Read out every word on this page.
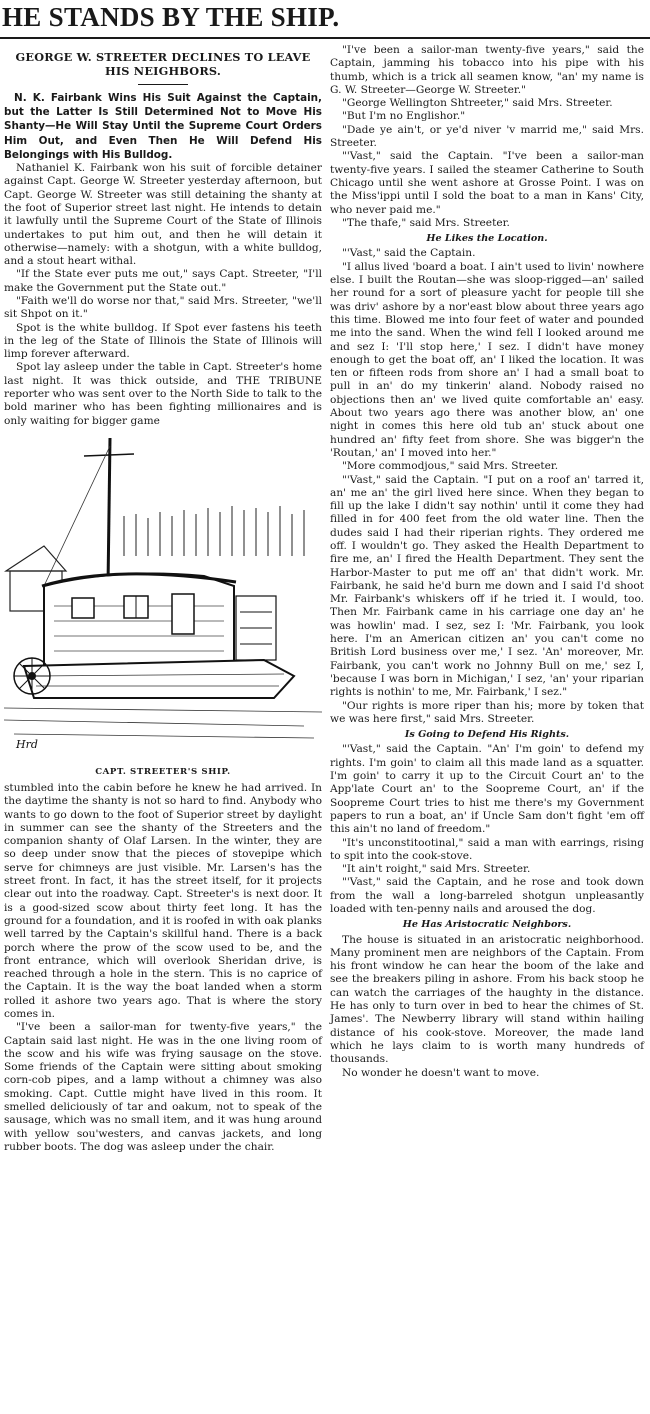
HE STANDS BY THE SHIP.
GEORGE W. STREETER DECLINES TO LEAVE HIS NEIGHBORS.
N. K. Fairbank Wins His Suit Against the Captain, but the Latter Is Still Determined Not to Move His Shanty—He Will Stay Until the Supreme Court Orders Him Out, and Even Then He Will Defend His Belongings with His Bulldog.

Nathaniel K. Fairbank won his suit of forcible detainer against Capt. George W. Streeter yesterday afternoon, but Capt. George W. Streeter was still detaining the shanty at the foot of Superior street last night. He intends to detain it lawfully until the Supreme Court of the State of Illinois undertakes to put him out, and then he will detain it otherwise—namely: with a shotgun, with a white bulldog, and a stout heart withal.

"If the State ever puts me out," says Capt. Streeter, "I'll make the Government put the State out."

"Faith we'll do worse nor that," said Mrs. Streeter, "we'll sit Shpot on it."

Spot is the white bulldog. If Spot ever fastens his teeth in the leg of the State of Illinois the State of Illinois will limp forever afterward.

Spot lay asleep under the table in Capt. Streeter's home last night. It was thick outside, and THE TRIBUNE reporter who was sent over to the North Side to talk to the bold mariner who has been fighting millionaires and is only waiting for bigger game

Hrd
CAPT. STREETER'S SHIP.

stumbled into the cabin before he knew he had arrived. In the daytime the shanty is not so hard to find. Anybody who wants to go down to the foot of Superior street by daylight in summer can see the shanty of the Streeters and the companion shanty of Olaf Larsen. In the winter, they are so deep under snow that the pieces of stovepipe which serve for chimneys are just visible. Mr. Larsen's has the street front. In fact, it has the street itself, for it projects clear out into the roadway. Capt. Streeter's is next door. It is a good-sized scow about thirty feet long. It has the ground for a foundation, and it is roofed in with oak planks well tarred by the Captain's skillful hand. There is a back porch where the prow of the scow used to be, and the front entrance, which will overlook Sheridan drive, is reached through a hole in the stern. This is no caprice of the Captain. It is the way the boat landed when a storm rolled it ashore two years ago. That is where the story comes in.

"I've been a sailor-man for twenty-five years," the Captain said last night. He was in the one living room of the scow and his wife was frying sausage on the stove. Some friends of the Captain were sitting about smoking corn-cob pipes, and a lamp without a chimney was also smoking. Capt. Cuttle might have lived in this room. It smelled deliciously of tar and oakum, not to speak of the sausage, which was no small item, and it was hung around with yellow sou'westers, and canvas jackets, and long rubber boots. The dog was asleep under the chair.

"I've been a sailor-man twenty-five years," said the Captain, jamming his tobacco into his pipe with his thumb, which is a trick all seamen know, "an' my name is G. W. Streeter—George W. Streeter."

"George Wellington Shtreeter," said Mrs. Streeter.

"But I'm no Englishor."

"Dade ye ain't, or ye'd niver 'v marrid me," said Mrs. Streeter.

"'Vast," said the Captain. "I've been a sailor-man twenty-five years. I sailed the steamer Catherine to South Chicago until she went ashore at Grosse Point. I was on the Miss'ippi until I sold the boat to a man in Kans' City, who never paid me."

"The thafe," said Mrs. Streeter.

He Likes the Location.

"'Vast," said the Captain.

"I allus lived 'board a boat. I ain't used to livin' nowhere else. I built the Routan—she was sloop-rigged—an' sailed her round for a sort of pleasure yacht for people till she was driv' ashore by a nor'east blow about three years ago this time. Blowed me into four feet of water and pounded me into the sand. When the wind fell I looked around me and sez I: 'I'll stop here,' I sez. I didn't have money enough to get the boat off, an' I liked the location. It was ten or fifteen rods from shore an' I had a small boat to pull in an' do my tinkerin' aland. Nobody raised no objections then an' we lived quite comfortable an' easy. About two years ago there was another blow, an' one night in comes this here old tub an' stuck about one hundred an' fifty feet from shore. She was bigger'n the 'Routan,' an' I moved into her."

"More commodjous," said Mrs. Streeter.

"'Vast," said the Captain. "I put on a roof an' tarred it, an' me an' the girl lived here since. When they began to fill up the lake I didn't say nothin' until it come they had filled in for 400 feet from the old water line. Then the dudes said I had their riperian rights. They ordered me off. I wouldn't go. They asked the Health Department to fire me, an' I fired the Health Department. They sent the Harbor-Master to put me off an' that didn't work. Mr. Fairbank, he said he'd burn me down and I said I'd shoot Mr. Fairbank's whiskers off if he tried it. I would, too. Then Mr. Fairbank came in his carriage one day an' he was howlin' mad. I sez, sez I: 'Mr. Fairbank, you look here. I'm an American citizen an' you can't come no British Lord business over me,' I sez. 'An' moreover, Mr. Fairbank, you can't work no Johnny Bull on me,' sez I, 'because I was born in Michigan,' I sez, 'an' your riparian rights is nothin' to me, Mr. Fairbank,' I sez."

"Our rights is more riper than his; more by token that we was here first," said Mrs. Streeter.

Is Going to Defend His Rights.

"'Vast," said the Captain. "An' I'm goin' to defend my rights. I'm goin' to claim all this made land as a squatter. I'm goin' to carry it up to the Circuit Court an' to the App'late Court an' to the Soopreme Court, an' if the Soopreme Court tries to hist me there's my Government papers to run a boat, an' if Uncle Sam don't fight 'em off this ain't no land of freedom."

"It's unconstitootinal," said a man with earrings, rising to spit into the cook-stove.

"It ain't roight," said Mrs. Streeter.

"'Vast," said the Captain, and he rose and took down from the wall a long-barreled shotgun unpleasantly loaded with ten-penny nails and aroused the dog.

He Has Aristocratic Neighbors.

The house is situated in an aristocratic neighborhood. Many prominent men are neighbors of the Captain. From his front window he can hear the boom of the lake and see the breakers piling in ashore. From his back stoop he can watch the carriages of the haughty in the distance. He has only to turn over in bed to hear the chimes of St. James'. The Newberry library will stand within hailing distance of his cook-stove. Moreover, the made land which he lays claim to is worth many hundreds of thousands.

No wonder he doesn't want to move.
